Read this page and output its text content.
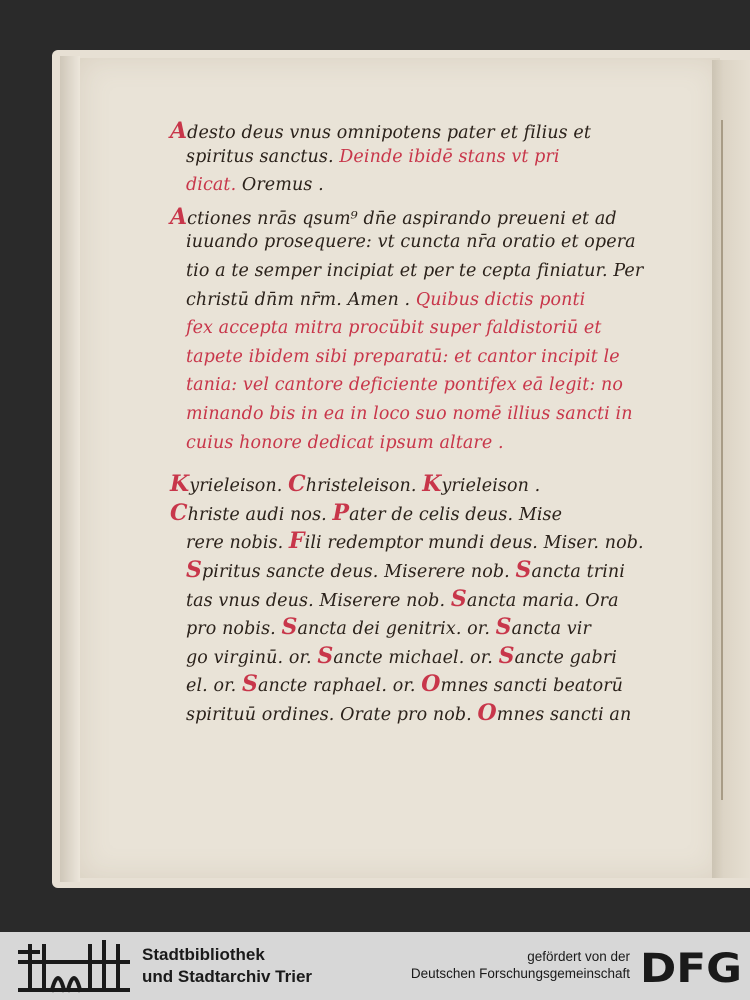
Adesto deus vnus omnipotens pater et filius et
spiritus sanctus. Deinde ibidē stans vt pri
dicat. Oremus .
Actiones nrās qsum⁹ dn̄e aspirando preueni et ad
iuuando prosequere: vt cuncta nr̄a oratio et opera
tio a te semper incipiat et per te cepta finiatur. Per
christū dn̄m nr̄m. Amen . Quibus dictis ponti
fex accepta mitra procūbit super faldistoriū et
tapete ibidem sibi preparatū: et cantor incipit le
tania: vel cantore deficiente pontifex eā legit: no
minando bis in ea in loco suo nomē illius sancti in
cuius honore dedicat ipsum altare .
Kyrieleison. Christeleison. Kyrieleison .
Christe audi nos. Pater de celis deus. Mise
rere nobis. Fili redemptor mundi deus. Miser. nob.
Spiritus sancte deus. Miserere nob. Sancta trini
tas vnus deus. Miserere nob. Sancta maria. Ora
pro nobis. Sancta dei genitrix. or. Sancta vir
go virginū. or. Sancte michael. or. Sancte gabri
el. or. Sancte raphael. or. Omnes sancti beatorū
spirituū ordines. Orate pro nob. Omnes sancti an
Stadtbibliothek
und Stadtarchiv Trier
gefördert von der
Deutschen Forschungsgemeinschaft DFG
